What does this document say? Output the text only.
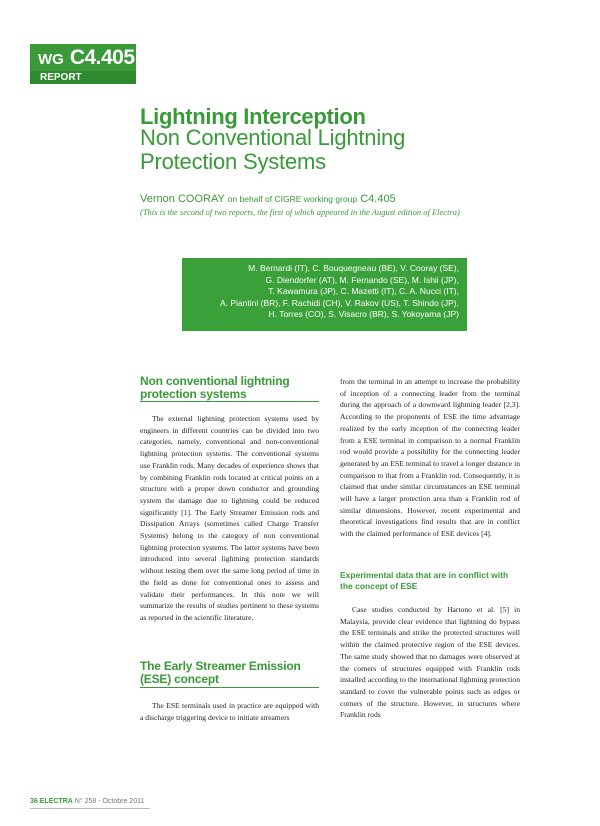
WG C4.405
REPORT
Lightning Interception
Non Conventional Lightning Protection Systems
Vernon COORAY on behalf of CIGRE working group C4.405
(This is the second of two reports, the first of which appeared in the August edition of Electra)
M. Bernardi (IT), C. Bouquegneau (BE), V. Cooray (SE),
G. Diendorfer (AT), M. Fernando (SE), M. Ishii (JP),
T. Kawamura (JP), C. Mazetti (IT), C. A. Nucci (IT),
A. Piantini (BR), F. Rachidi (CH), V. Rakov (US), T. Shindo (JP),
H. Torres (CO), S. Visacro (BR), S. Yokoyama (JP)
Non conventional lightning protection systems

The external lightning protection systems used by engineers in different countries can be divided into two categories, namely, conventional and non-conventional lightning protection systems. The conventional systems use Franklin rods. Many decades of experience shows that by combining Franklin rods located at critical points on a structure with a proper down conductor and grounding system the damage due to lightning could be reduced significantly [1]. The Early Streamer Emission rods and Dissipation Arrays (sometimes called Charge Transfer Systems) belong to the category of non conventional lightning protection systems. The latter systems have been introduced into several lightning protection standards without testing them over the same long period of time in the field as done for conventional ones to assess and validate their performances. In this note we will summarize the results of studies pertinent to these systems as reported in the scientific literature.

The Early Streamer Emission (ESE) concept

The ESE terminals used in practice are equipped with a discharge triggering device to initiate streamers

from the terminal in an attempt to increase the probability of inception of a connecting leader from the terminal during the approach of a downward lightning leader [2,3]. According to the proponents of ESE the time advantage realized by the early inception of the connecting leader from a ESE terminal in comparison to a normal Franklin rod would provide a possibility for the connecting leader generated by an ESE terminal to travel a longer distance in comparison to that from a Franklin rod. Consequently, it is claimed that under similar circumstances an ESE terminal will have a larger protection area than a Franklin rod of similar dimensions. However, recent experimental and theoretical investigations find results that are in conflict with the claimed performance of ESE devices [4].

Experimental data that are in conflict with the concept of ESE

Case studies conducted by Hartono et al. [5] in Malaysia, provide clear evidence that lightning do bypass the ESE terminals and strike the protected structures well within the claimed protective region of the ESE devices. The same study showed that no damages were observed at the corners of structures equipped with Franklin rods installed according to the international lightning protection standard to cover the vulnerable points such as edges or corners of the structure. However, in structures where Franklin rods

36 ELECTRA N° 258 - Octobre 2011
